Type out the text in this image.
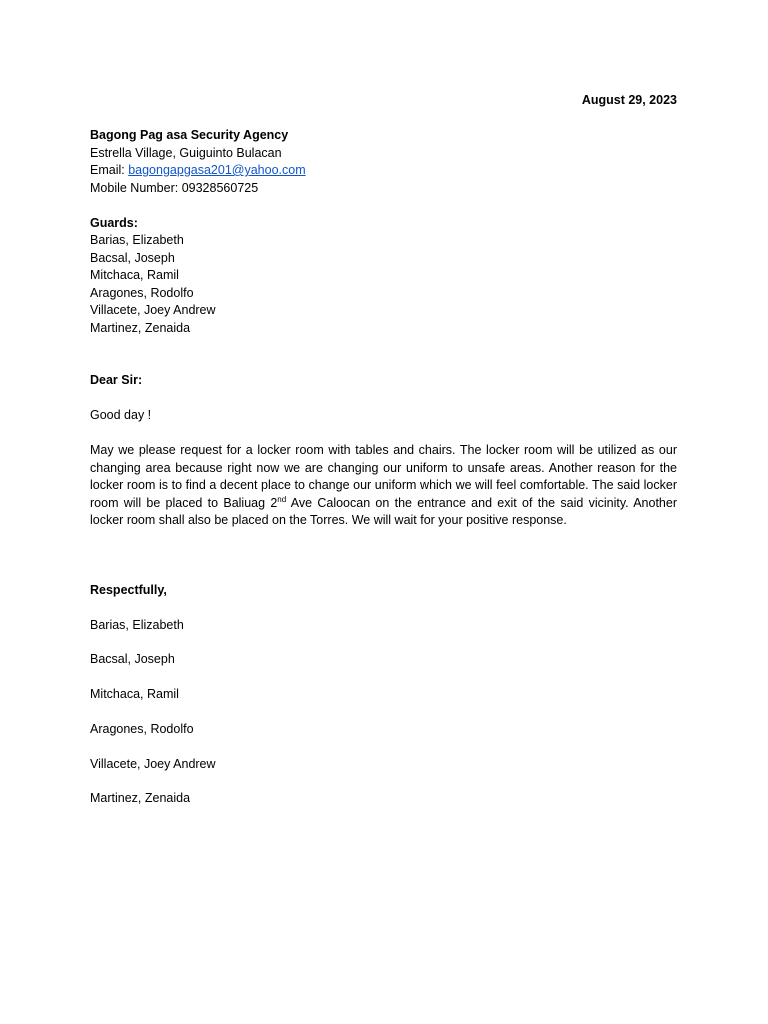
August 29, 2023
Bagong Pag asa Security Agency
Estrella Village, Guiguinto Bulacan
Email: bagongapgasa201@yahoo.com
Mobile Number: 09328560725
Guards:
Barias, Elizabeth
Bacsal, Joseph
Mitchaca, Ramil
Aragones, Rodolfo
Villacete, Joey Andrew
Martinez, Zenaida
Dear Sir:
Good day !

May we please request for a locker room with tables and chairs. The locker room will be utilized as our changing area because right now we are changing our uniform to unsafe areas. Another reason for the locker room is to find a decent place to change our uniform which we will feel comfortable. The said locker room will be placed to Baliuag 2nd Ave Caloocan on the entrance and exit of the said vicinity. Another locker room shall also be placed on the Torres. We will wait for your positive response.

Respectfully,
Barias, Elizabeth
Bacsal, Joseph
Mitchaca, Ramil
Aragones, Rodolfo
Villacete, Joey Andrew
Martinez, Zenaida
